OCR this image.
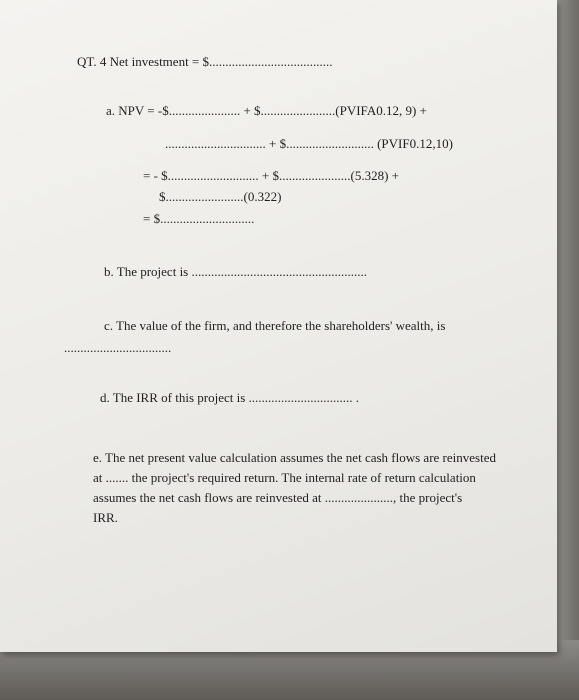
QT. 4 Net investment = $......................................
a. NPV = -$...................... + $.......................(PVIFA0.12, 9) +
............................... + $........................... (PVIF0.12,10)
= - $............................ + $......................(5.328) +
$........................(0.322)
= $.............................
b. The project is ......................................................
c. The value of the firm, and therefore the shareholders' wealth, is
.................................
d. The IRR of this project is ................................ .
e. The net present value calculation assumes the net cash flows are reinvested
at ....... the project's required return. The internal rate of return calculation
assumes the net cash flows are reinvested at ....................., the project's
IRR.
